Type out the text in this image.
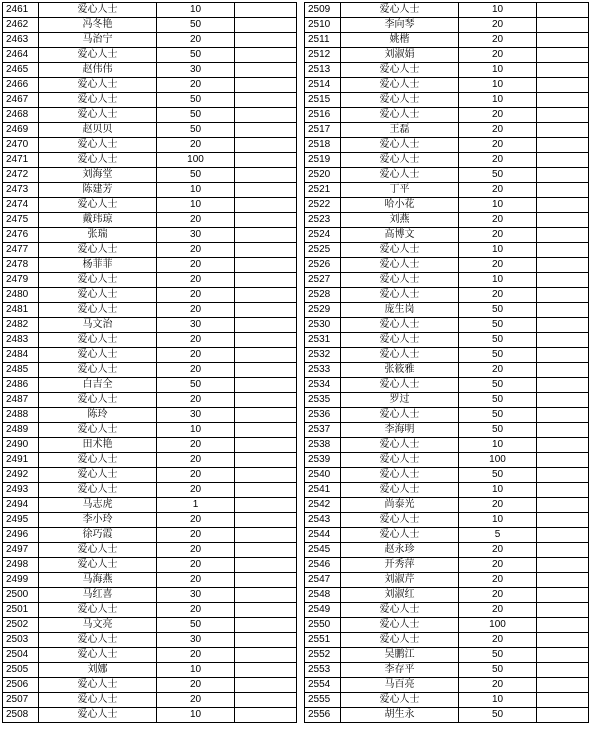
2461	爱心人士	10			2509	爱心人士	10	
2462	冯冬艳	50			2510	李向琴	20	
2463	马治宁	20			2511	姚楷	20	
2464	爱心人士	50			2512	刘淑娟	20	
2465	赵伟伟	30			2513	爱心人士	10	
2466	爱心人士	20			2514	爱心人士	10	
2467	爱心人士	50			2515	爱心人士	10	
2468	爱心人士	50			2516	爱心人士	20	
2469	赵贝贝	50			2517	王磊	20	
2470	爱心人士	20			2518	爱心人士	20	
2471	爱心人士	100			2519	爱心人士	20	
2472	刘海堂	50			2520	爱心人士	50	
2473	陈建芳	10			2521	丁平	20	
2474	爱心人士	10			2522	哈小花	10	
2475	戴玮琼	20			2523	刘燕	20	
2476	张瑞	30			2524	高博文	20	
2477	爱心人士	20			2525	爱心人士	10	
2478	杨菲菲	20			2526	爱心人士	20	
2479	爱心人士	20			2527	爱心人士	10	
2480	爱心人士	20			2528	爱心人士	20	
2481	爱心人士	20			2529	庞生岗	50	
2482	马文治	30			2530	爱心人士	50	
2483	爱心人士	20			2531	爱心人士	50	
2484	爱心人士	20			2532	爱心人士	50	
2485	爱心人士	20			2533	张筱雅	20	
2486	白吉全	50			2534	爱心人士	50	
2487	爱心人士	20			2535	罗过	50	
2488	陈玲	30			2536	爱心人士	50	
2489	爱心人士	10			2537	李海明	50	
2490	田术艳	20			2538	爱心人士	10	
2491	爱心人士	20			2539	爱心人士	100	
2492	爱心人士	20			2540	爱心人士	50	
2493	爱心人士	20			2541	爱心人士	10	
2494	马志虎	1			2542	尚泰光	20	
2495	李小玲	20			2543	爱心人士	10	
2496	徐巧霞	20			2544	爱心人士	5	
2497	爱心人士	20			2545	赵永珍	20	
2498	爱心人士	20			2546	开秀萍	20	
2499	马海燕	20			2547	刘淑芹	20	
2500	马红喜	30			2548	刘淑红	20	
2501	爱心人士	20			2549	爱心人士	20	
2502	马文亮	50			2550	爱心人士	100	
2503	爱心人士	30			2551	爱心人士	20	
2504	爱心人士	20			2552	吴鹏江	50	
2505	刘娜	10			2553	李存平	50	
2506	爱心人士	20			2554	马百亮	20	
2507	爱心人士	20			2555	爱心人士	10	
2508	爱心人士	10			2556	胡生永	50	
